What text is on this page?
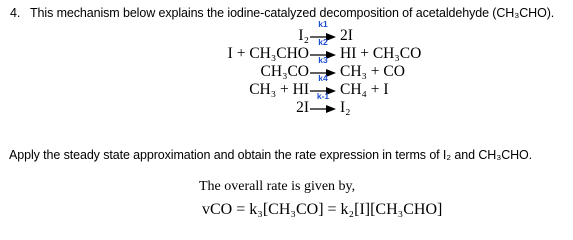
4. This mechanism below explains the iodine-catalyzed decomposition of acetaldehyde (CH₃CHO).
I₂
k1
2I
I + CH₃CHO
k2
HI + CH₃CO
CH₃CO
k3
CH₃ + CO
CH₃ + HI
k4
CH₄ + I
2I
k-1
I₂
Apply the steady state approximation and obtain the rate expression in terms of I₂ and CH₃CHO.
The overall rate is given by,
vCO = k₃[CH₃CO] = k₂[I][CH₃CHO]
